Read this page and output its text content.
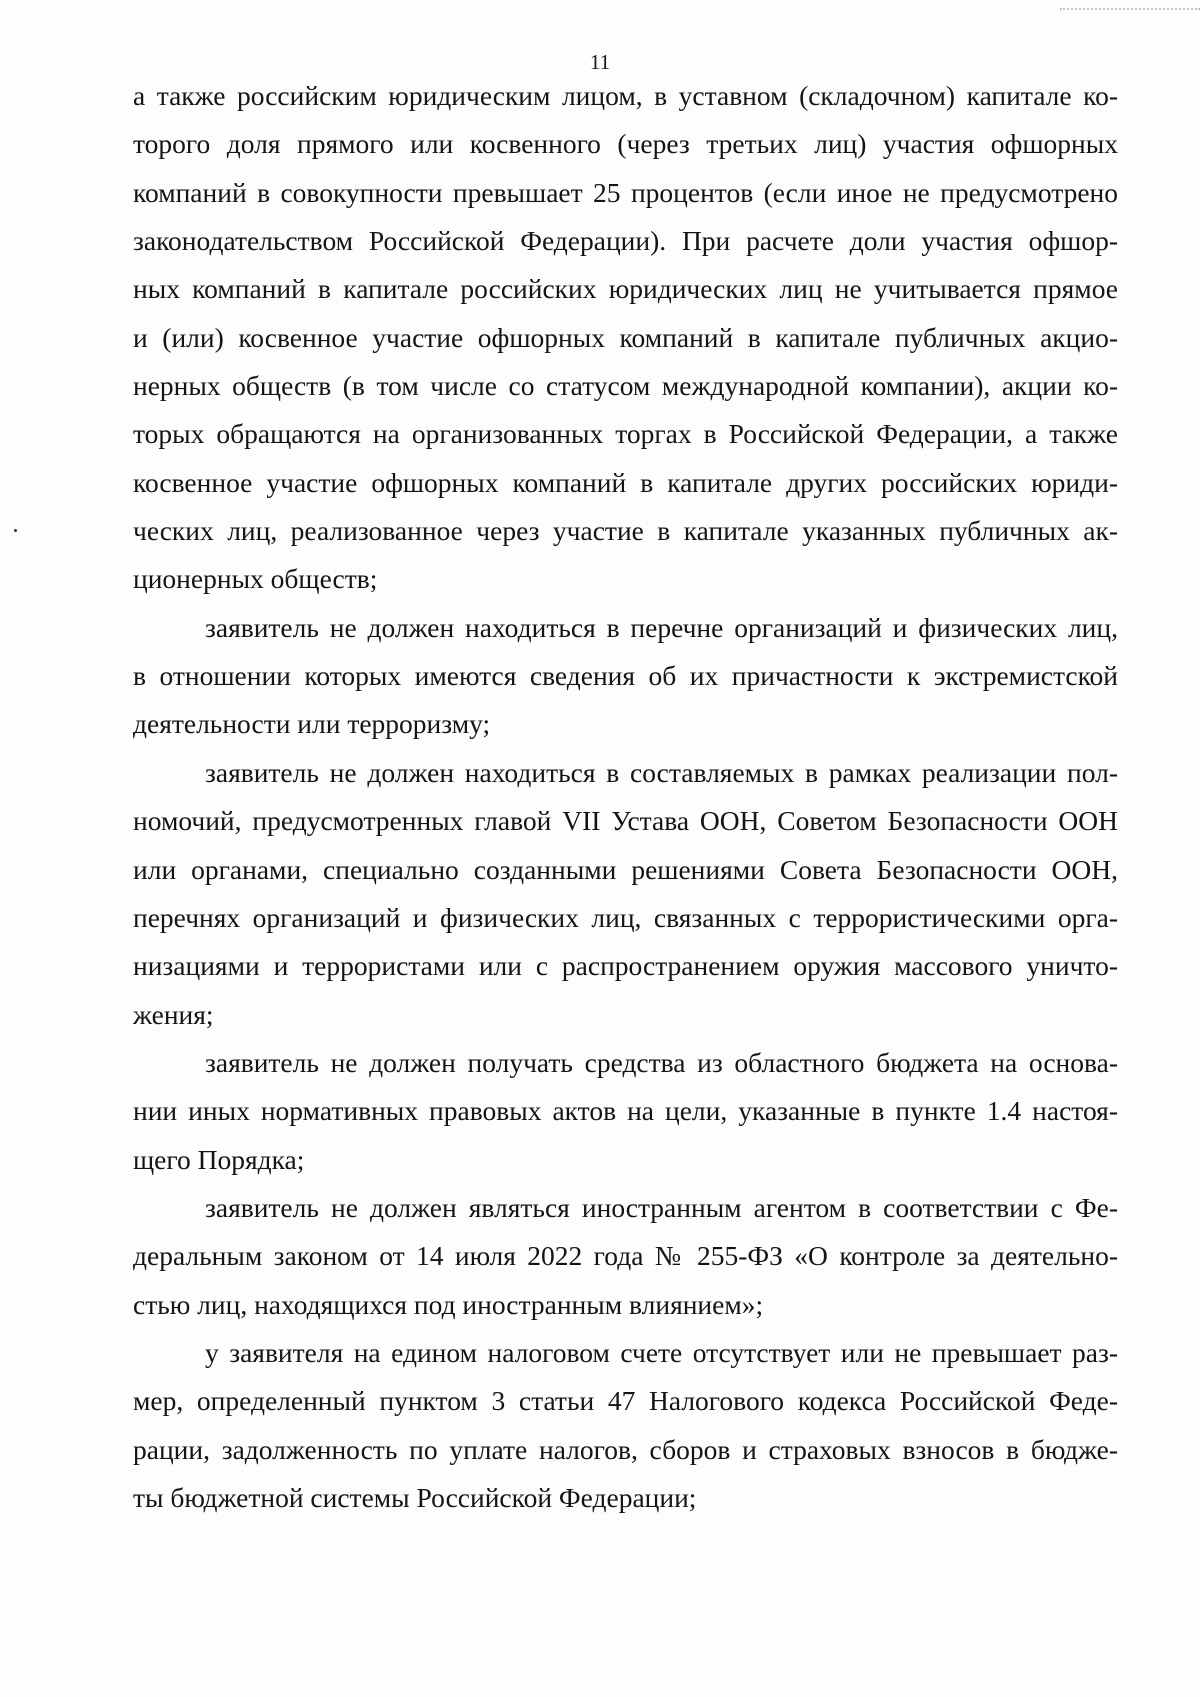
11
а также российским юридическим лицом, в уставном (складочном) капитале ко-
торого доля прямого или косвенного (через третьих лиц) участия офшорных
компаний в совокупности превышает 25 процентов (если иное не предусмотрено
законодательством Российской Федерации). При расчете доли участия офшор-
ных компаний в капитале российских юридических лиц не учитывается прямое
и (или) косвенное участие офшорных компаний в капитале публичных акцио-
нерных обществ (в том числе со статусом международной компании), акции ко-
торых обращаются на организованных торгах в Российской Федерации, а также
косвенное участие офшорных компаний в капитале других российских юриди-
ческих лиц, реализованное через участие в капитале указанных публичных ак-
ционерных обществ;
заявитель не должен находиться в перечне организаций и физических лиц,
в отношении которых имеются сведения об их причастности к экстремистской
деятельности или терроризму;
заявитель не должен находиться в составляемых в рамках реализации пол-
номочий, предусмотренных главой VII Устава ООН, Советом Безопасности ООН
или органами, специально созданными решениями Совета Безопасности ООН,
перечнях организаций и физических лиц, связанных с террористическими орга-
низациями и террористами или с распространением оружия массового уничто-
жения;
заявитель не должен получать средства из областного бюджета на основа-
нии иных нормативных правовых актов на цели, указанные в пункте 1.4 настоя-
щего Порядка;
заявитель не должен являться иностранным агентом в соответствии с Фе-
деральным законом от 14 июля 2022 года № 255-ФЗ «О контроле за деятельно-
стью лиц, находящихся под иностранным влиянием»;
у заявителя на едином налоговом счете отсутствует или не превышает раз-
мер, определенный пунктом 3 статьи 47 Налогового кодекса Российской Феде-
рации, задолженность по уплате налогов, сборов и страховых взносов в бюдже-
ты бюджетной системы Российской Федерации;
